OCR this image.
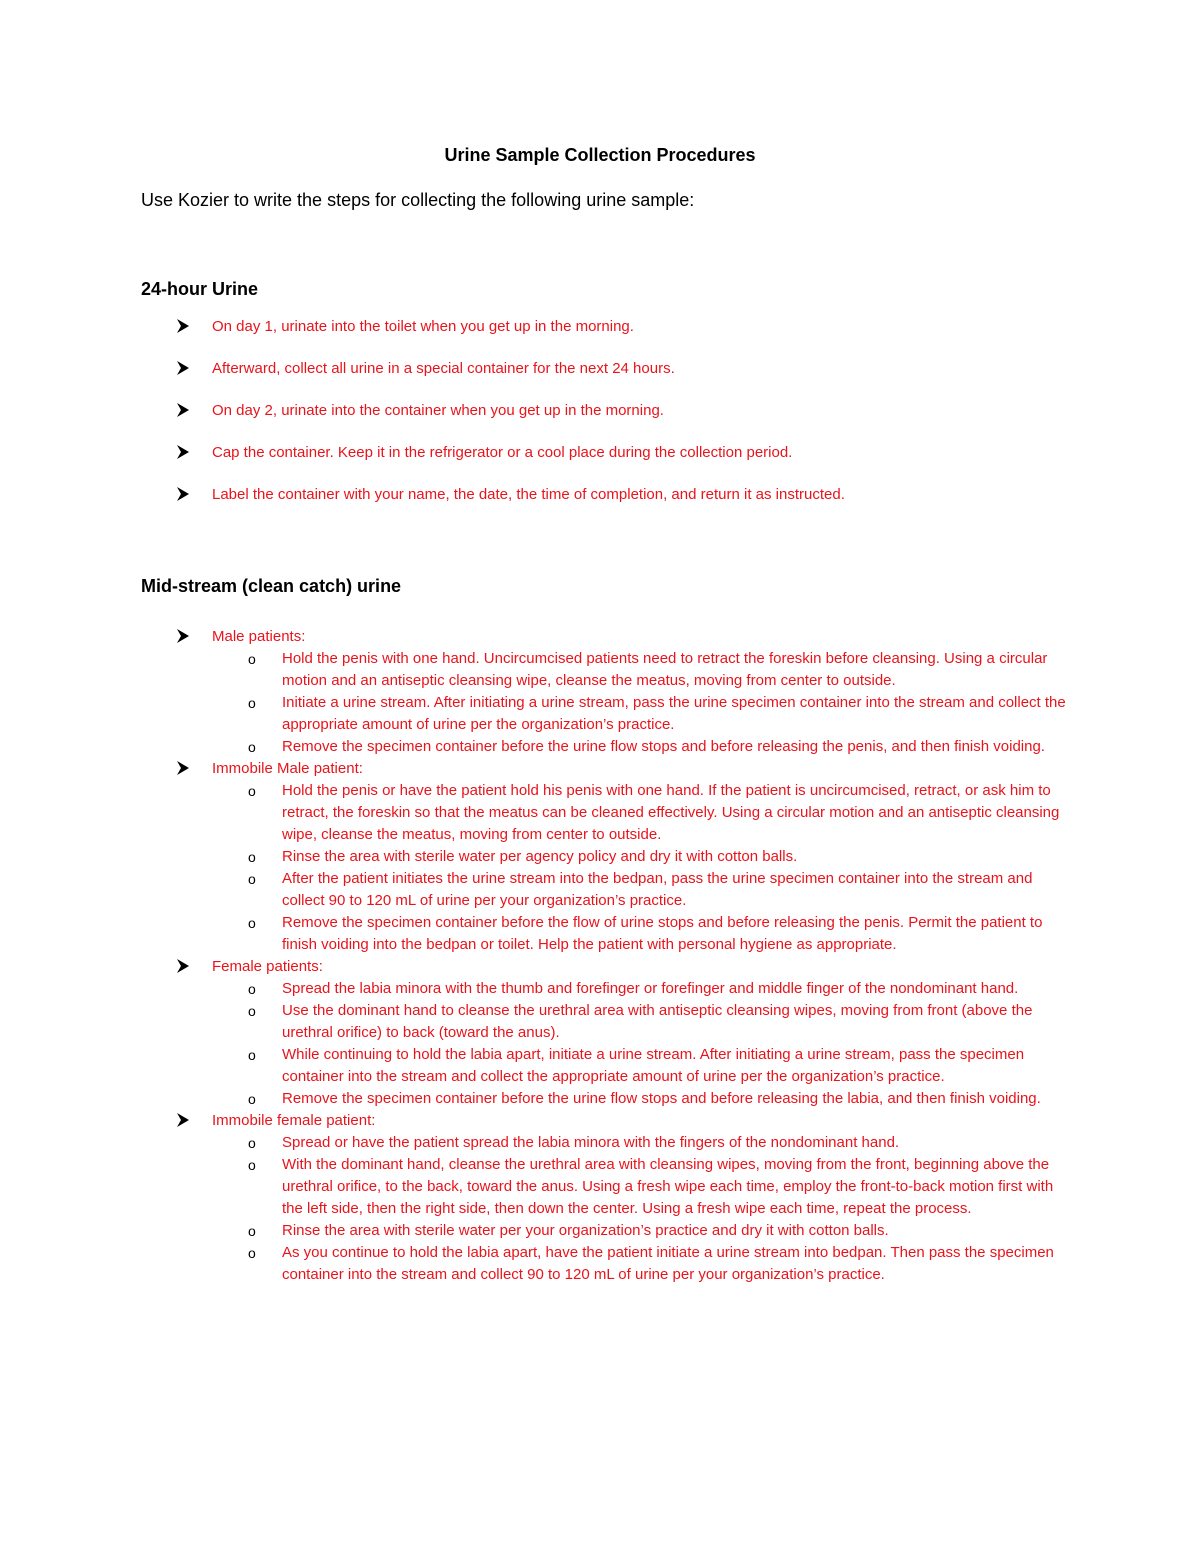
Urine Sample Collection Procedures
Use Kozier to write the steps for collecting the following urine sample:
24-hour Urine
On day 1, urinate into the toilet when you get up in the morning.
Afterward, collect all urine in a special container for the next 24 hours.
On day 2, urinate into the container when you get up in the morning.
Cap the container. Keep it in the refrigerator or a cool place during the collection period.
Label the container with your name, the date, the time of completion, and return it as instructed.
Mid-stream (clean catch) urine
Male patients:
o Hold the penis with one hand. Uncircumcised patients need to retract the foreskin before cleansing. Using a circular motion and an antiseptic cleansing wipe, cleanse the meatus, moving from center to outside.
o Initiate a urine stream. After initiating a urine stream, pass the urine specimen container into the stream and collect the appropriate amount of urine per the organization’s practice.
o Remove the specimen container before the urine flow stops and before releasing the penis, and then finish voiding.
Immobile Male patient:
o Hold the penis or have the patient hold his penis with one hand. If the patient is uncircumcised, retract, or ask him to retract, the foreskin so that the meatus can be cleaned effectively. Using a circular motion and an antiseptic cleansing wipe, cleanse the meatus, moving from center to outside.
o Rinse the area with sterile water per agency policy and dry it with cotton balls.
o After the patient initiates the urine stream into the bedpan, pass the urine specimen container into the stream and collect 90 to 120 mL of urine per your organization’s practice.
o Remove the specimen container before the flow of urine stops and before releasing the penis. Permit the patient to finish voiding into the bedpan or toilet. Help the patient with personal hygiene as appropriate.
Female patients:
o Spread the labia minora with the thumb and forefinger or forefinger and middle finger of the nondominant hand.
o Use the dominant hand to cleanse the urethral area with antiseptic cleansing wipes, moving from front (above the urethral orifice) to back (toward the anus).
o While continuing to hold the labia apart, initiate a urine stream. After initiating a urine stream, pass the specimen container into the stream and collect the appropriate amount of urine per the organization’s practice.
o Remove the specimen container before the urine flow stops and before releasing the labia, and then finish voiding.
Immobile female patient:
o Spread or have the patient spread the labia minora with the fingers of the nondominant hand.
o With the dominant hand, cleanse the urethral area with cleansing wipes, moving from the front, beginning above the urethral orifice, to the back, toward the anus. Using a fresh wipe each time, employ the front-to-back motion first with the left side, then the right side, then down the center. Using a fresh wipe each time, repeat the process.
o Rinse the area with sterile water per your organization’s practice and dry it with cotton balls.
o As you continue to hold the labia apart, have the patient initiate a urine stream into bedpan. Then pass the specimen container into the stream and collect 90 to 120 mL of urine per your organization’s practice.
